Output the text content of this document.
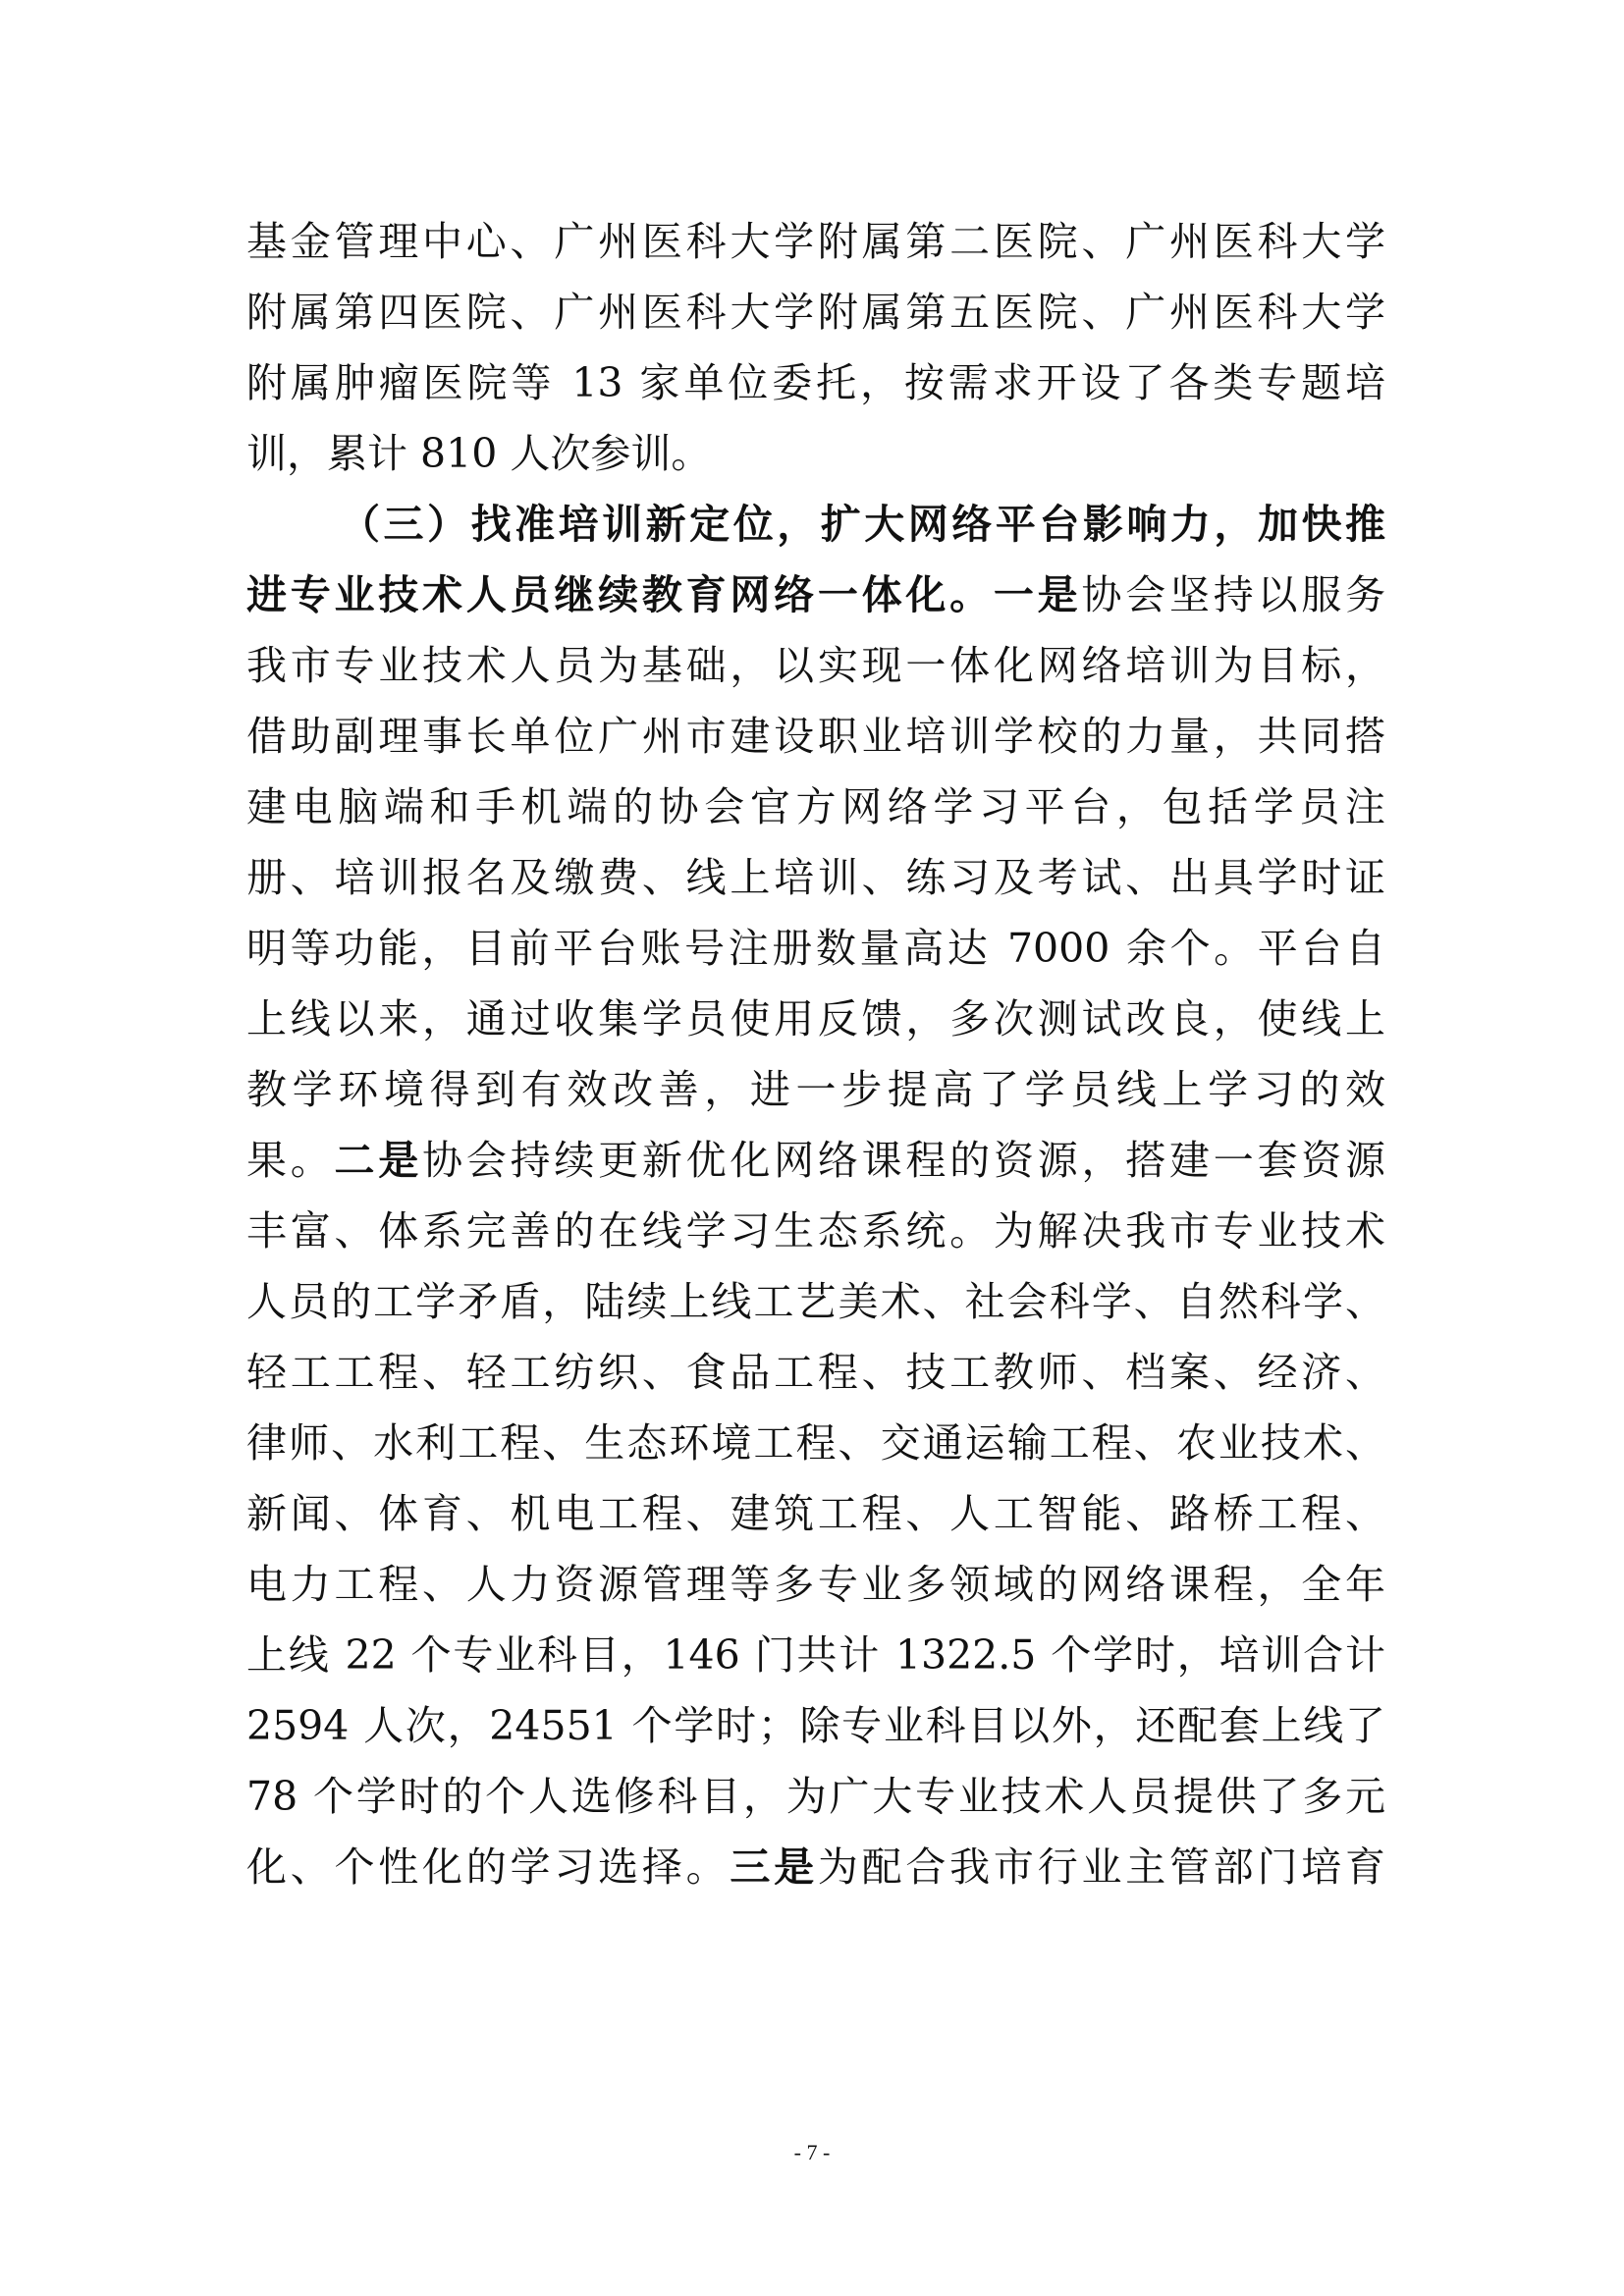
基金管理中心、广州医科大学附属第二医院、广州医科大学
附属第四医院、广州医科大学附属第五医院、广州医科大学
附属肿瘤医院等 13 家单位委托，按需求开设了各类专题培
训，累计 810 人次参训。
（三）找准培训新定位，扩大网络平台影响力，加快推
进专业技术人员继续教育网络一体化。一是协会坚持以服务
我市专业技术人员为基础，以实现一体化网络培训为目标，
借助副理事长单位广州市建设职业培训学校的力量，共同搭
建电脑端和手机端的协会官方网络学习平台，包括学员注
册、培训报名及缴费、线上培训、练习及考试、出具学时证
明等功能，目前平台账号注册数量高达 7000 余个。平台自
上线以来，通过收集学员使用反馈，多次测试改良，使线上
教学环境得到有效改善，进一步提高了学员线上学习的效
果。二是协会持续更新优化网络课程的资源，搭建一套资源
丰富、体系完善的在线学习生态系统。为解决我市专业技术
人员的工学矛盾，陆续上线工艺美术、社会科学、自然科学、
轻工工程、轻工纺织、食品工程、技工教师、档案、经济、
律师、水利工程、生态环境工程、交通运输工程、农业技术、
新闻、体育、机电工程、建筑工程、人工智能、路桥工程、
电力工程、人力资源管理等多专业多领域的网络课程，全年
上线 22 个专业科目，146 门共计 1322.5 个学时，培训合计
2594 人次，24551 个学时；除专业科目以外，还配套上线了
78 个学时的个人选修科目，为广大专业技术人员提供了多元
化、个性化的学习选择。三是为配合我市行业主管部门培育
- 7 -
